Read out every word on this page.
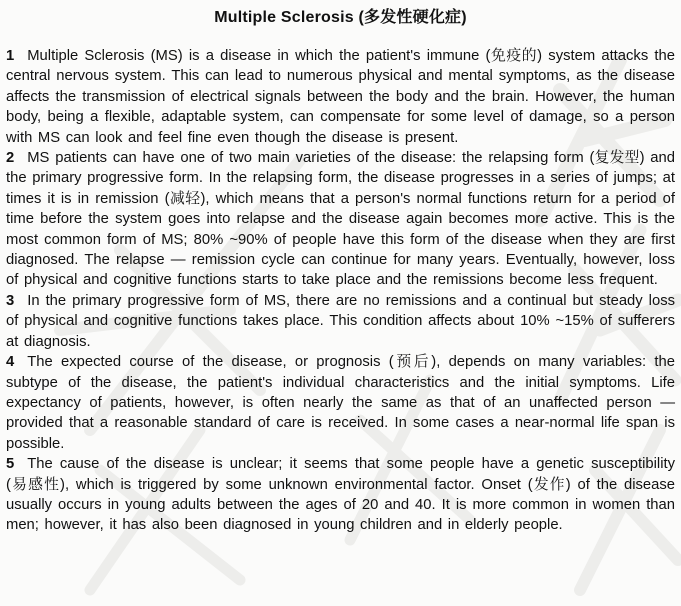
Multiple Sclerosis (多发性硬化症)

1 Multiple Sclerosis (MS) is a disease in which the patient's immune (免疫的) system attacks the central nervous system. This can lead to numerous physical and mental symptoms, as the disease affects the transmission of electrical signals between the body and the brain. However, the human body, being a flexible, adaptable system, can compensate for some level of damage, so a person with MS can look and feel fine even though the disease is present.

2 MS patients can have one of two main varieties of the disease: the relapsing form (复发型) and the primary progressive form. In the relapsing form, the disease progresses in a series of jumps; at times it is in remission (减轻), which means that a person's normal functions return for a period of time before the system goes into relapse and the disease again becomes more active. This is the most common form of MS; 80% ~90% of people have this form of the disease when they are first diagnosed. The relapse — remission cycle can continue for many years. Eventually, however, loss of physical and cognitive functions starts to take place and the remissions become less frequent.

3 In the primary progressive form of MS, there are no remissions and a continual but steady loss of physical and cognitive functions takes place. This condition affects about 10% ~15% of sufferers at diagnosis.

4 The expected course of the disease, or prognosis (预后), depends on many variables: the subtype of the disease, the patient's individual characteristics and the initial symptoms. Life expectancy of patients, however, is often nearly the same as that of an unaffected person — provided that a reasonable standard of care is received. In some cases a near-normal life span is possible.

5 The cause of the disease is unclear; it seems that some people have a genetic susceptibility (易感性), which is triggered by some unknown environmental factor. Onset (发作) of the disease usually occurs in young adults between the ages of 20 and 40. It is more common in women than men; however, it has also been diagnosed in young children and in elderly people.
